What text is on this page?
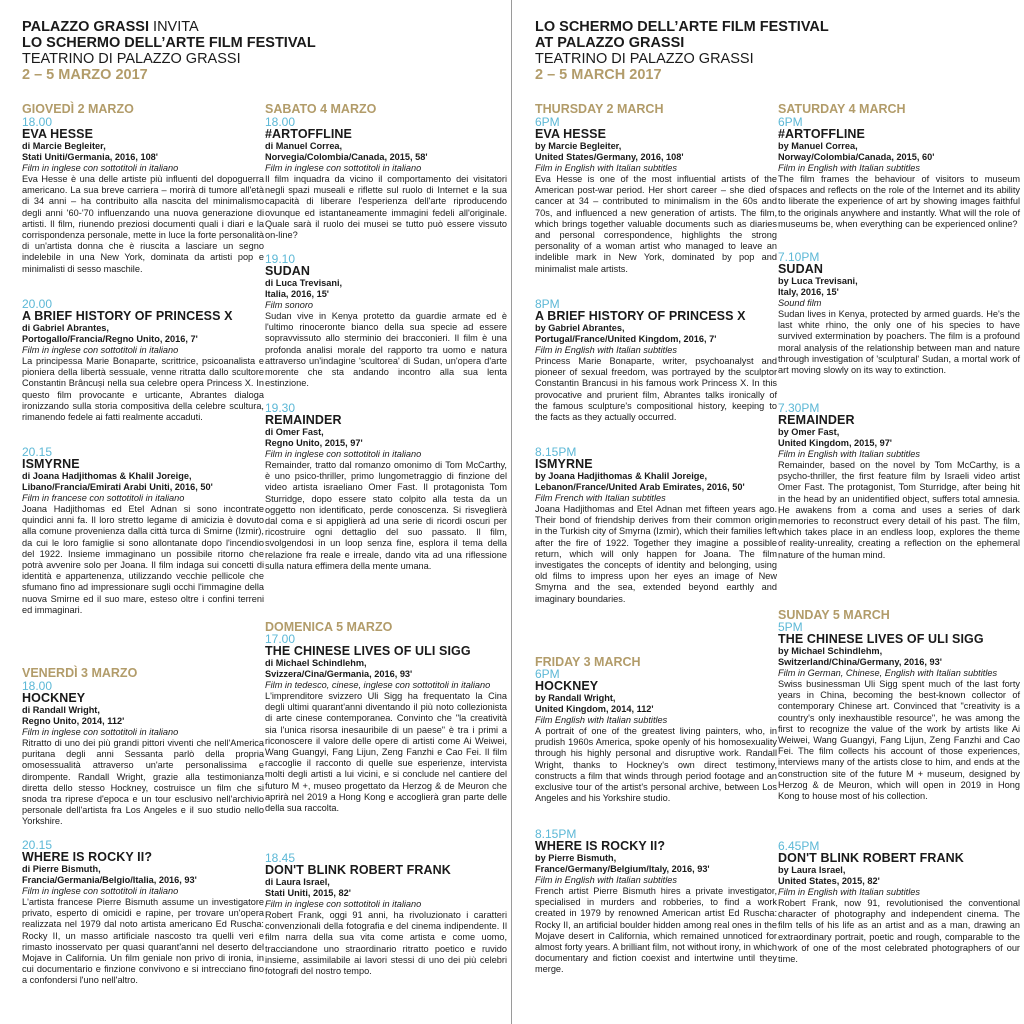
PALAZZO GRASSI INVITA
LO SCHERMO DELL’ARTE FILM FESTIVAL
TEATRINO DI PALAZZO GRASSI
2 – 5 MARZO 2017
LO SCHERMO DELL’ARTE FILM FESTIVAL
AT PALAZZO GRASSI
TEATRINO DI PALAZZO GRASSI
2 – 5 MARCH 2017
GIOVEDÌ 2 MARZO
18.00
EVA HESSE
di Marcie Begleiter,
Stati Uniti/Germania, 2016, 108'
Film in inglese con sottotitoli in italiano
Eva Hesse è una delle artiste più influenti del dopoguerra americano. La sua breve carriera – morirà di tumore all'età di 34 anni – ha contribuito alla nascita del minimalismo degli anni '60-'70 influenzando una nuova generazione di artisti. Il film, riunendo preziosi documenti quali i diari e la corrispondenza personale, mette in luce la forte personalità di un'artista donna che è riuscita a lasciare un segno indelebile in una New York, dominata da artisti pop e minimalisti di sesso maschile.
20.00
A BRIEF HISTORY OF PRINCESS X
di Gabriel Abrantes,
Portogallo/Francia/Regno Unito, 2016, 7'
Film in inglese con sottotitoli in italiano
La principessa Marie Bonaparte, scrittrice, psicoanalista e pioniera della libertà sessuale, venne ritratta dallo scultore Constantin Brâncuși nella sua celebre opera Princess X. In questo film provocante e urticante, Abrantes dialoga ironizzando sulla storia compositiva della celebre scultura, rimanendo fedele ai fatti realmente accaduti.
20.15
ISMYRNE
di Joana Hadjithomas & Khalil Joreige,
Libano/Francia/Emirati Arabi Uniti, 2016, 50'
Film in francese con sottotitoli in italiano
Joana Hadjithomas ed Etel Adnan si sono incontrate quindici anni fa. Il loro stretto legame di amicizia è dovuto alla comune provenienza dalla città turca di Smirne (Izmir), da cui le loro famiglie si sono allontanate dopo l'incendio del 1922. Insieme immaginano un possibile ritorno che potrà avvenire solo per Joana. Il film indaga sui concetti di identità e appartenenza, utilizzando vecchie pellicole che sfumano fino ad impressionare sugli occhi l'immagine della nuova Smirne ed il suo mare, esteso oltre i confini terreni ed immaginari.
VENERDÌ 3 MARZO
18.00
HOCKNEY
di Randall Wright,
Regno Unito, 2014, 112'
Film in inglese con sottotitoli in italiano
Ritratto di uno dei più grandi pittori viventi che nell'America puritana degli anni Sessanta parlò della propria omosessualità attraverso un'arte personalissima e dirompente. Randall Wright, grazie alla testimonianza diretta dello stesso Hockney, costruisce un film che si snoda tra riprese d'epoca e un tour esclusivo nell'archivio personale dell'artista fra Los Angeles e il suo studio nello Yorkshire.
20.15
WHERE IS ROCKY II?
di Pierre Bismuth,
Francia/Germania/Belgio/Italia, 2016, 93'
Film in inglese con sottotitoli in italiano
L'artista francese Pierre Bismuth assume un investigatore privato, esperto di omicidi e rapine, per trovare un'opera realizzata nel 1979 dal noto artista americano Ed Ruscha: Rocky II, un masso artificiale nascosto tra quelli veri e rimasto inosservato per quasi quarant'anni nel deserto del Mojave in California. Un film geniale non privo di ironia, in cui documentario e finzione convivono e si intrecciano fino a confondersi l'uno nell'altro.
SABATO 4 MARZO
18.00
#ARTOFFLINE
di Manuel Correa,
Norvegia/Colombia/Canada, 2015, 58'
Film in inglese con sottotitoli in italiano
Il film inquadra da vicino il comportamento dei visitatori negli spazi museali e riflette sul ruolo di Internet e la sua capacità di liberare l'esperienza dell'arte riproducendo ovunque ed istantaneamente immagini fedeli all'originale. Quale sarà il ruolo dei musei se tutto può essere vissuto on-line?
19.10
SUDAN
di Luca Trevisani,
Italia, 2016, 15'
Film sonoro
Sudan vive in Kenya protetto da guardie armate ed è l'ultimo rinoceronte bianco della sua specie ad essere sopravvissuto allo sterminio dei bracconieri. Il film è una profonda analisi morale del rapporto tra uomo e natura attraverso un'indagine 'scultorea' di Sudan, un'opera d'arte morente che sta andando incontro alla sua lenta estinzione.
19.30
REMAINDER
di Omer Fast,
Regno Unito, 2015, 97'
Film in inglese con sottotitoli in italiano
Remainder, tratto dal romanzo omonimo di Tom McCarthy, è uno psico-thriller, primo lungometraggio di finzione del video artista israeliano Omer Fast. Il protagonista Tom Sturridge, dopo essere stato colpito alla testa da un oggetto non identificato, perde conoscenza. Si risveglierà dal coma e si appiglierà ad una serie di ricordi oscuri per ricostruire ogni dettaglio del suo passato. Il film, svolgendosi in un loop senza fine, esplora il tema della relazione fra reale e irreale, dando vita ad una riflessione sulla natura effimera della mente umana.
DOMENICA 5 MARZO
17.00
THE CHINESE LIVES OF ULI SIGG
di Michael Schindlehm,
Svizzera/Cina/Germania, 2016, 93'
Film in tedesco, cinese, inglese con sottotitoli in italiano
L'imprenditore svizzero Uli Sigg ha frequentato la Cina degli ultimi quarant'anni diventando il più noto collezionista di arte cinese contemporanea. Convinto che "la creatività sia l'unica risorsa inesauribile di un paese" è tra i primi a riconoscere il valore delle opere di artisti come Ai Weiwei, Wang Guangyi, Fang Lijun, Zeng Fanzhi e Cao Fei. Il film raccoglie il racconto di quelle sue esperienze, intervista molti degli artisti a lui vicini, e si conclude nel cantiere del futuro M +, museo progettato da Herzog & de Meuron che aprirà nel 2019 a Hong Kong e accoglierà gran parte delle della sua raccolta.
18.45
DON'T BLINK ROBERT FRANK
di Laura Israel,
Stati Uniti, 2015, 82'
Film in inglese con sottotitoli in italiano
Robert Frank, oggi 91 anni, ha rivoluzionato i caratteri convenzionali della fotografia e del cinema indipendente. Il film narra della sua vita come artista e come uomo, tracciandone uno straordinario ritratto poetico e ruvido insieme, assimilabile ai lavori stessi di uno dei più celebri fotografi del nostro tempo.
THURSDAY 2 MARCH
6PM
EVA HESSE
by Marcie Begleiter,
United States/Germany, 2016, 108'
Film in English with Italian subtitles
Eva Hesse is one of the most influential artists of the American post-war period. Her short career – she died of cancer at 34 – contributed to minimalism in the 60s and 70s, and influenced a new generation of artists. The film, which brings together valuable documents such as diaries and personal correspondence, highlights the strong personality of a woman artist who managed to leave an indelible mark in New York, dominated by pop and minimalist male artists.
8PM
A BRIEF HISTORY OF PRINCESS X
by Gabriel Abrantes,
Portugal/France/United Kingdom, 2016, 7'
Film in English with Italian subtitles
Princess Marie Bonaparte, writer, psychoanalyst and pioneer of sexual freedom, was portrayed by the sculptor Constantin Brancusi in his famous work Princess X. In this provocative and prurient film, Abrantes talks ironically of the famous sculpture's compositional history, keeping to the facts as they actually occurred.
8.15PM
ISMYRNE
by Joana Hadjithomas & Khalil Joreige,
Lebanon/France/United Arab Emirates, 2016, 50'
Film French with Italian subtitles
Joana Hadjithomas and Etel Adnan met fifteen years ago. Their bond of friendship derives from their common origin in the Turkish city of Smyrna (Izmir), which their families left after the fire of 1922. Together they imagine a possible return, which will only happen for Joana. The film investigates the concepts of identity and belonging, using old films to impress upon her eyes an image of New Smyrna and the sea, extended beyond earthly and imaginary boundaries.
FRIDAY 3 MARCH
6PM
HOCKNEY
by Randall Wright,
United Kingdom, 2014, 112'
Film English with Italian subtitles
A portrait of one of the greatest living painters, who, in prudish 1960s America, spoke openly of his homosexuality through his highly personal and disruptive work. Randall Wright, thanks to Hockney's own direct testimony, constructs a film that winds through period footage and an exclusive tour of the artist's personal archive, between Los Angeles and his Yorkshire studio.
8.15PM
WHERE IS ROCKY II?
by Pierre Bismuth,
France/Germany/Belgium/Italy, 2016, 93'
Film in English with Italian subtitles
French artist Pierre Bismuth hires a private investigator, specialised in murders and robberies, to find a work created in 1979 by renowned American artist Ed Ruscha: Rocky II, an artificial boulder hidden among real ones in the Mojave desert in California, which remained unnoticed for almost forty years. A brilliant film, not without irony, in which documentary and fiction coexist and intertwine until they merge.
SATURDAY 4 MARCH
6PM
#ARTOFFLINE
by Manuel Correa,
Norway/Colombia/Canada, 2015, 60'
Film in English with Italian subtitles
The film frames the behaviour of visitors to museum spaces and reflects on the role of the Internet and its ability to liberate the experience of art by showing images faithful to the originals anywhere and instantly. What will the role of museums be, when everything can be experienced online?
7.10PM
SUDAN
by Luca Trevisani,
Italy, 2016, 15'
Sound film
Sudan lives in Kenya, protected by armed guards. He's the last white rhino, the only one of his species to have survived extermination by poachers. The film is a profound moral analysis of the relationship between man and nature through investigation of 'sculptural' Sudan, a mortal work of art moving slowly on its way to extinction.
7.30PM
REMAINDER
by Omer Fast,
United Kingdom, 2015, 97'
Film in English with Italian subtitles
Remainder, based on the novel by Tom McCarthy, is a psycho-thriller, the first feature film by Israeli video artist Omer Fast. The protagonist, Tom Sturridge, after being hit in the head by an unidentified object, suffers total amnesia. He awakens from a coma and uses a series of dark memories to reconstruct every detail of his past. The film, which takes place in an endless loop, explores the theme of reality-unreality, creating a reflection on the ephemeral nature of the human mind.
SUNDAY 5 MARCH
5PM
THE CHINESE LIVES OF ULI SIGG
by Michael Schindlehm,
Switzerland/China/Germany, 2016, 93'
Film in German, Chinese, English with Italian subtitles
Swiss businessman Uli Sigg spent much of the last forty years in China, becoming the best-known collector of contemporary Chinese art. Convinced that "creativity is a country's only inexhaustible resource", he was among the first to recognize the value of the work by artists like Ai Weiwei, Wang Guangyi, Fang Lijun, Zeng Fanzhi and Cao Fei. The film collects his account of those experiences, interviews many of the artists close to him, and ends at the construction site of the future M + museum, designed by Herzog & de Meuron, which will open in 2019 in Hong Kong to house most of his collection.
6.45PM
DON'T BLINK ROBERT FRANK
by Laura Israel,
United States, 2015, 82'
Film in English with Italian subtitles
Robert Frank, now 91, revolutionised the conventional character of photography and independent cinema. The film tells of his life as an artist and as a man, drawing an extraordinary portrait, poetic and rough, comparable to the work of one of the most celebrated photographers of our time.
